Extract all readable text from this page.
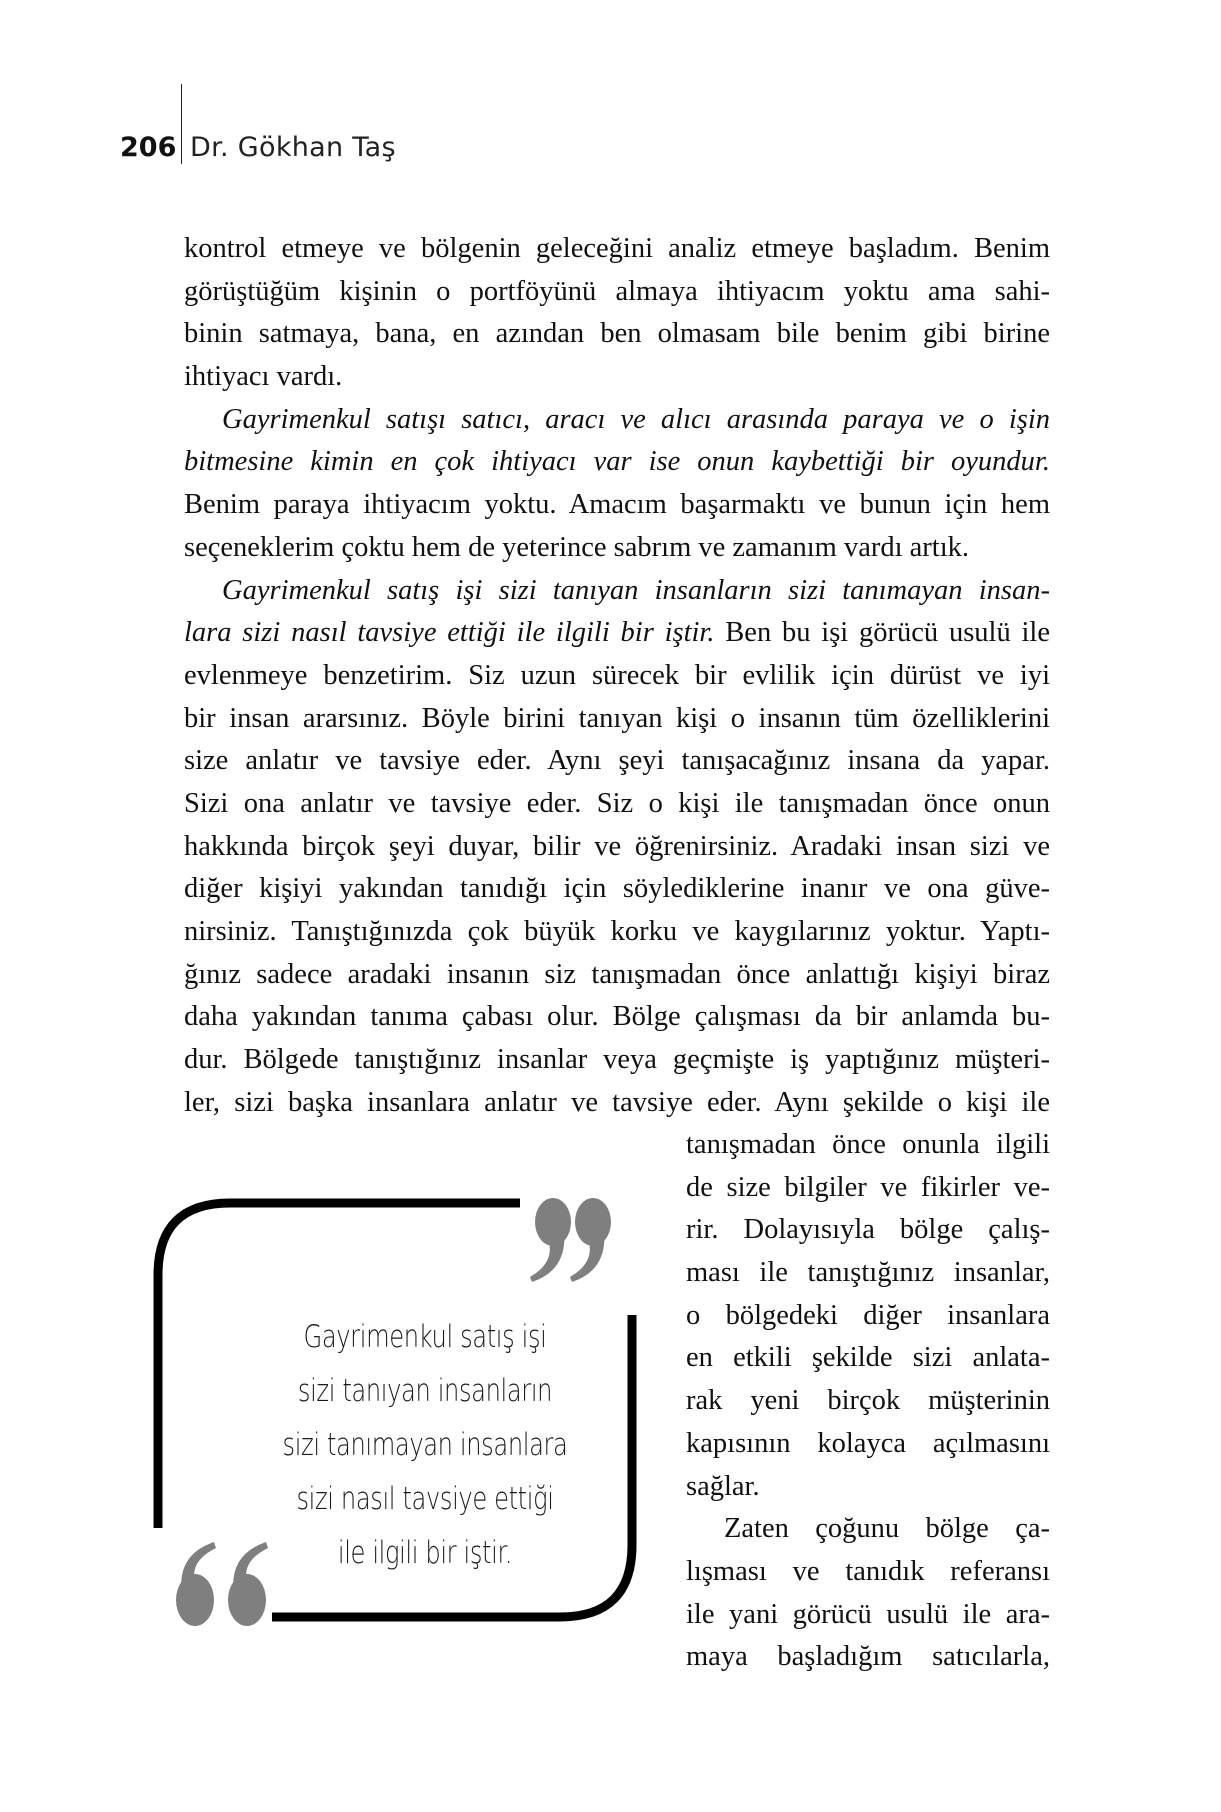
206 Dr. Gökhan Taş
kontrol etmeye ve bölgenin geleceğini analiz etmeye başladım. Benim
görüştüğüm kişinin o portföyünü almaya ihtiyacım yoktu ama sahi-
binin satmaya, bana, en azından ben olmasam bile benim gibi birine
ihtiyacı vardı.
Gayrimenkul satışı satıcı, aracı ve alıcı arasında paraya ve o işin
bitmesine kimin en çok ihtiyacı var ise onun kaybettiği bir oyundur.
Benim paraya ihtiyacım yoktu. Amacım başarmaktı ve bunun için hem
seçeneklerim çoktu hem de yeterince sabrım ve zamanım vardı artık.
Gayrimenkul satış işi sizi tanıyan insanların sizi tanımayan insan-
lara sizi nasıl tavsiye ettiği ile ilgili bir iştir. Ben bu işi görücü usulü ile
evlenmeye benzetirim. Siz uzun sürecek bir evlilik için dürüst ve iyi
bir insan ararsınız. Böyle birini tanıyan kişi o insanın tüm özelliklerini
size anlatır ve tavsiye eder. Aynı şeyi tanışacağınız insana da yapar.
Sizi ona anlatır ve tavsiye eder. Siz o kişi ile tanışmadan önce onun
hakkında birçok şeyi duyar, bilir ve öğrenirsiniz. Aradaki insan sizi ve
diğer kişiyi yakından tanıdığı için söylediklerine inanır ve ona güve-
nirsiniz. Tanıştığınızda çok büyük korku ve kaygılarınız yoktur. Yaptı-
ğınız sadece aradaki insanın siz tanışmadan önce anlattığı kişiyi biraz
daha yakından tanıma çabası olur. Bölge çalışması da bir anlamda bu-
dur. Bölgede tanıştığınız insanlar veya geçmişte iş yaptığınız müşteri-
ler, sizi başka insanlara anlatır ve tavsiye eder. Aynı şekilde o kişi ile
tanışmadan önce onunla ilgili
de size bilgiler ve fikirler ve-
rir. Dolayısıyla bölge çalış-
ması ile tanıştığınız insanlar,
o bölgedeki diğer insanlara
en etkili şekilde sizi anlata-
rak yeni birçok müşterinin
kapısının kolayca açılmasını
sağlar.
Zaten çoğunu bölge ça-
lışması ve tanıdık referansı
ile yani görücü usulü ile ara-
maya başladığım satıcılarla,
Gayrimenkul satış işi
sizi tanıyan insanların
sizi tanımayan insanlara
sizi nasıl tavsiye ettiği
ile ilgili bir iştir.
